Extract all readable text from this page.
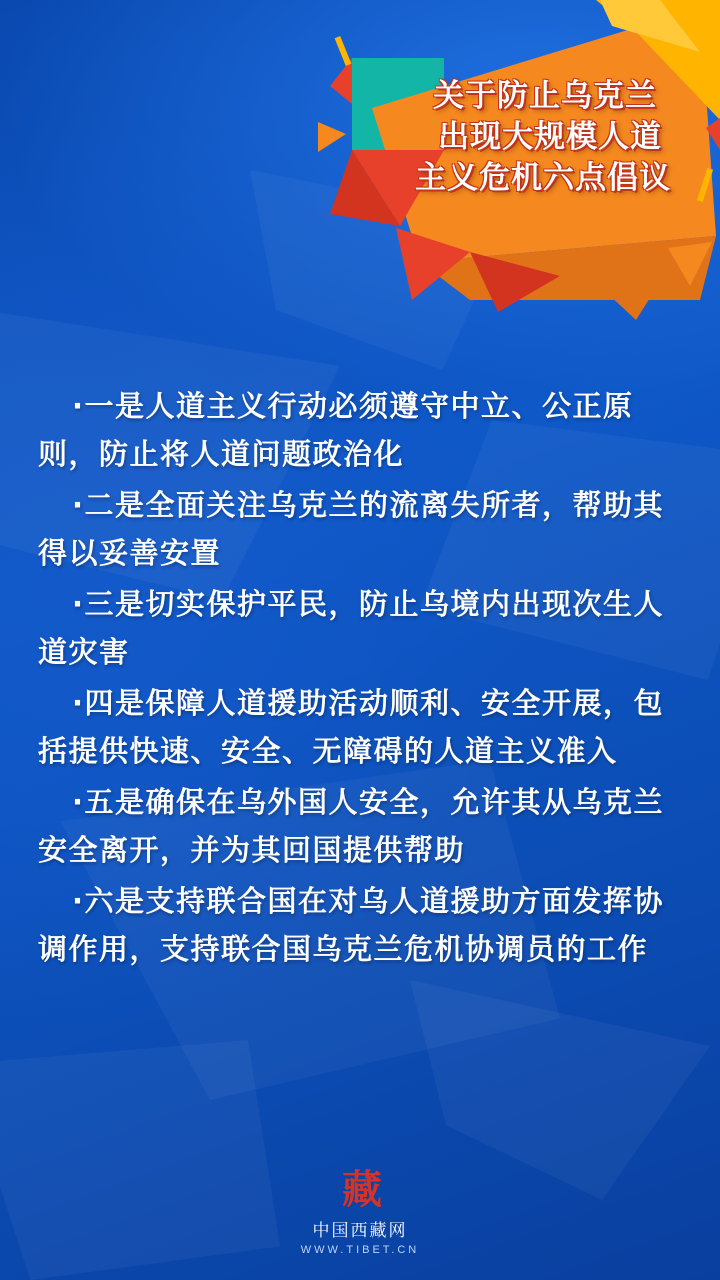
关于防止乌克兰
出现大规模人道
主义危机六点倡议

·一是人道主义行动必须遵守中立、公正原则，防止将人道问题政治化

·二是全面关注乌克兰的流离失所者，帮助其得以妥善安置

·三是切实保护平民，防止乌境内出现次生人道灾害

·四是保障人道援助活动顺利、安全开展，包括提供快速、安全、无障碍的人道主义准入

·五是确保在乌外国人安全，允许其从乌克兰安全离开，并为其回国提供帮助

·六是支持联合国在对乌人道援助方面发挥协调作用，支持联合国乌克兰危机协调员的工作

藏
中国西藏网
WWW.TIBET.CN
